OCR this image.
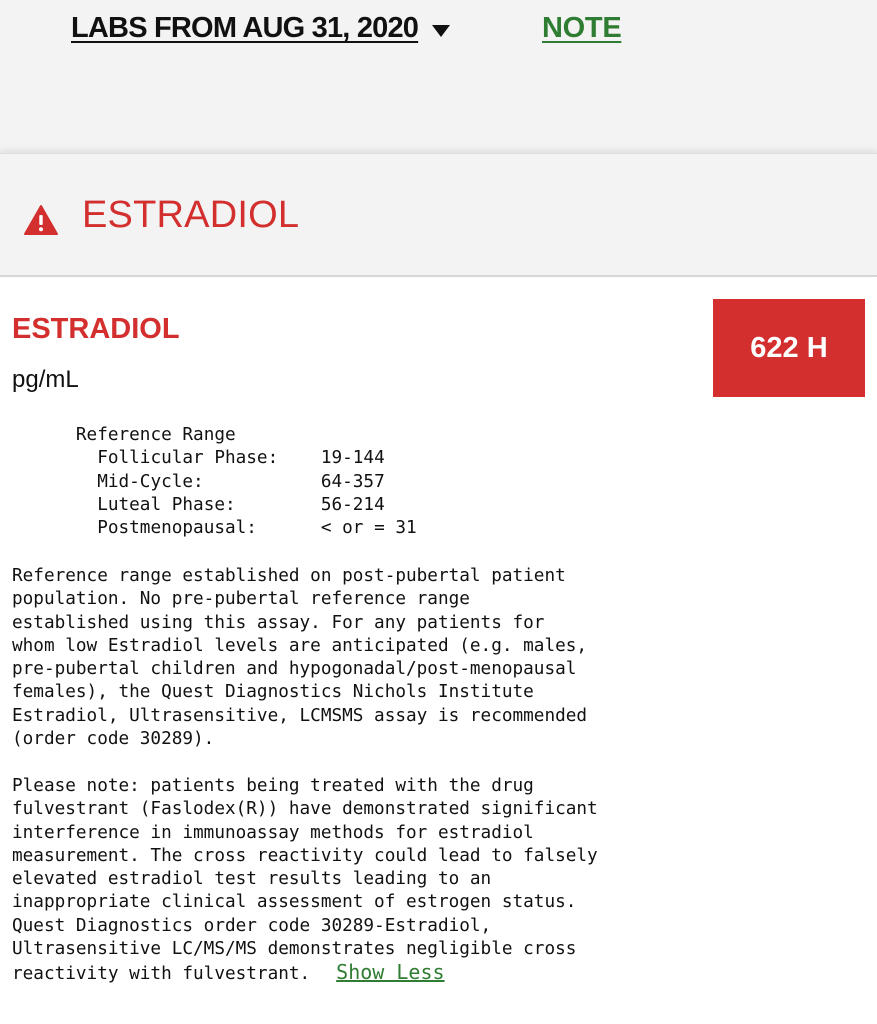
LABS FROM AUG 31, 2020	NOTE
ESTRADIOL
ESTRADIOL
pg/mL
622 H
Reference Range
Follicular Phase:    19-144
Mid-Cycle:           64-357
Luteal Phase:        56-214
Postmenopausal:      < or = 31
Reference range established on post-pubertal patient
population. No pre-pubertal reference range
established using this assay. For any patients for
whom low Estradiol levels are anticipated (e.g. males,
pre-pubertal children and hypogonadal/post-menopausal
females), the Quest Diagnostics Nichols Institute
Estradiol, Ultrasensitive, LCMSMS assay is recommended
(order code 30289).
Please note: patients being treated with the drug
fulvestrant (Faslodex(R)) have demonstrated significant
interference in immunoassay methods for estradiol
measurement. The cross reactivity could lead to falsely
elevated estradiol test results leading to an
inappropriate clinical assessment of estrogen status.
Quest Diagnostics order code 30289-Estradiol,
Ultrasensitive LC/MS/MS demonstrates negligible cross
reactivity with fulvestrant. Show Less
